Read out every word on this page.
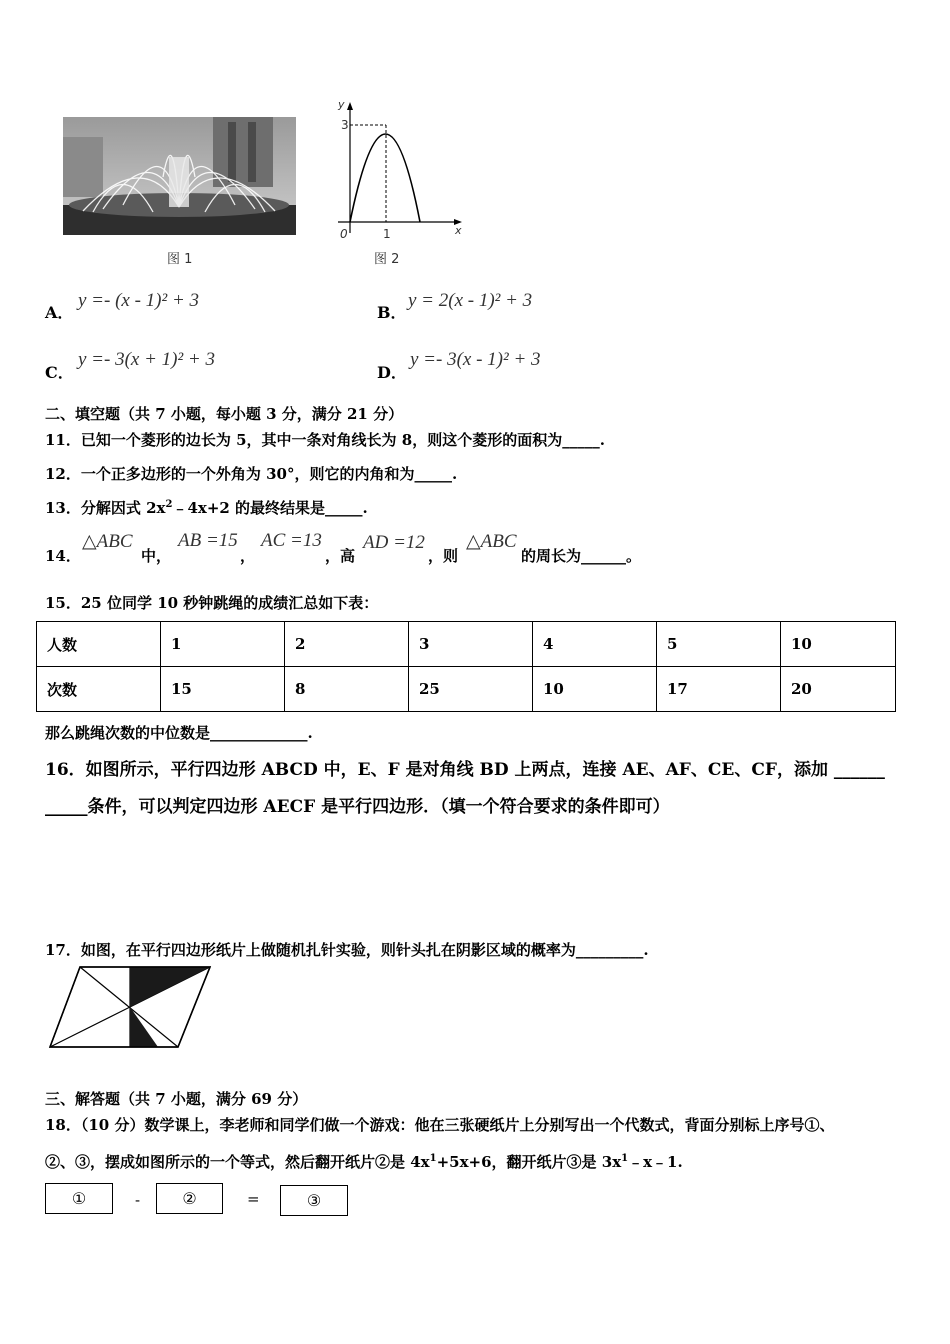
图 1
y
3
0	1	x
图 2
A．
y =- (x - 1)² + 3
B．
y = 2(x - 1)² + 3
C．
y =- 3(x + 1)² + 3
D．
y =- 3(x - 1)² + 3
二、填空题（共 7 小题，每小题 3 分，满分 21 分）
11．已知一个菱形的边长为 5，其中一条对角线长为 8，则这个菱形的面积为_____.
12．一个正多边形的一个外角为 30°，则它的内角和为_____.
13．分解因式 $2x^2﹣4x+2$ 的最终结果是_____.
14．
△ABC
中，
AB =15
，
AC =13
，高
AD =12
，则
△ABC
的周长为______。
15．25 位同学 10 秒钟跳绳的成绩汇总如下表：
人数	1	2	3	4	5	10
次数	15	8	25	10	17	20
那么跳绳次数的中位数是_____________.
16．如图所示，平行四边形 ABCD 中，E、F 是对角线 BD 上两点，连接 AE、AF、CE、CF，添加 ______
_____条件，可以判定四边形 AECF 是平行四边形．（填一个符合要求的条件即可）
17．如图，在平行四边形纸片上做随机扎针实验，则针头扎在阴影区域的概率为_________.
三、解答题（共 7 小题，满分 69 分）
18．（10 分）数学课上，李老师和同学们做一个游戏：他在三张硬纸片上分别写出一个代数式，背面分别标上序号①、
②、③，摆成如图所示的一个等式，然后翻开纸片②是 $4x^1+5x+6$，翻开纸片③是 $3x^1﹣x﹣1$.
①	-	②	=	③
